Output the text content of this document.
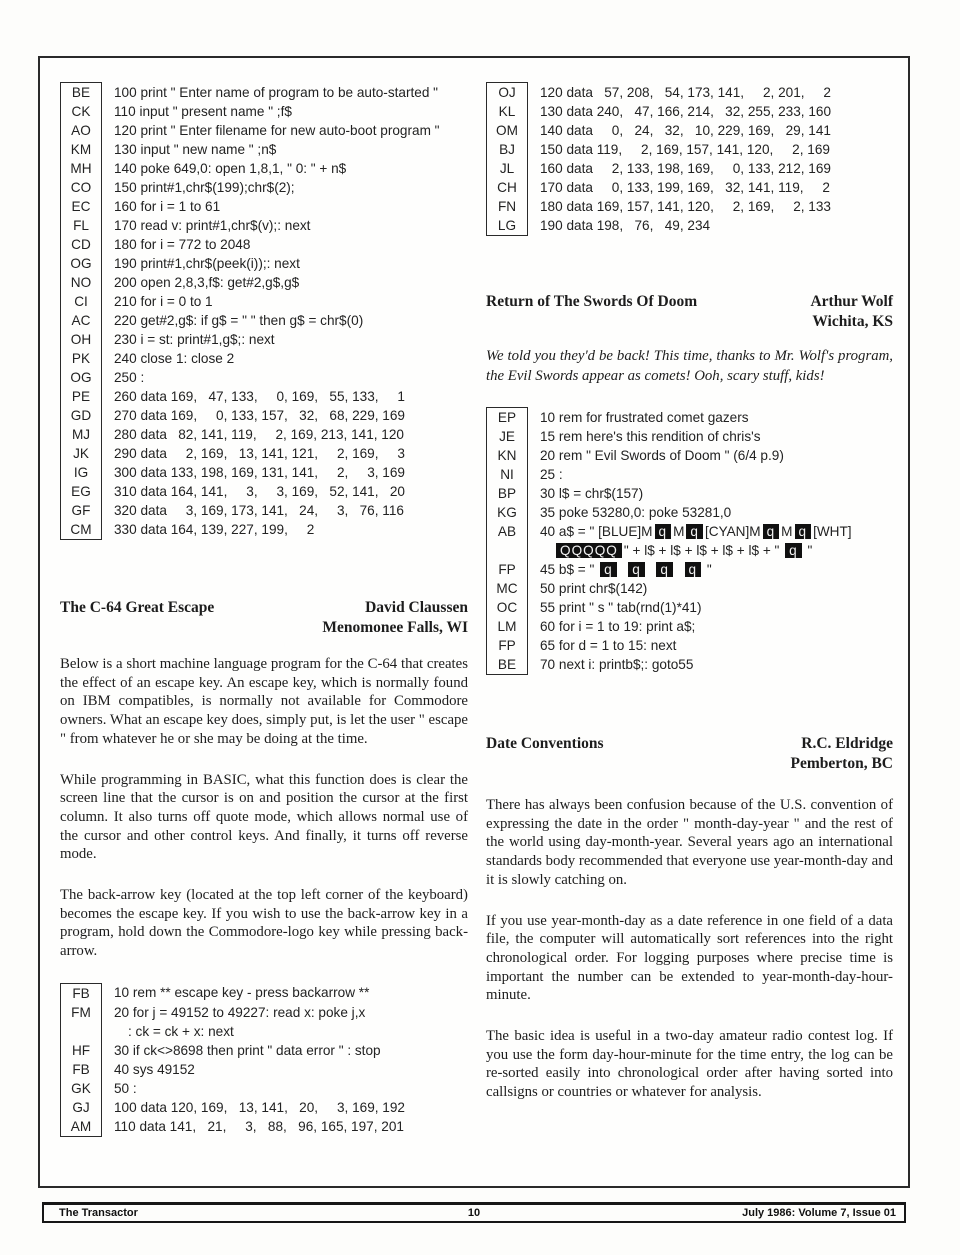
BE	100 print " Enter name of program to be auto-started "

CK	110 input " present name " ;f$

AO	120 print " Enter filename for new auto-boot program "

KM	130 input " new name " ;n$

MH	140 poke 649,0: open 1,8,1, " 0: " + n$

CO	150 print#1,chr$(199);chr$(2);

EC	160 for i = 1 to 61

FL	170 read v: print#1,chr$(v);: next

CD	180 for i = 772 to 2048

OG	190 print#1,chr$(peek(i));: next

NO	200 open 2,8,3,f$: get#2,g$,g$

CI	210 for i = 0 to 1

AC	220 get#2,g$: if g$ = " " then g$ = chr$(0)

OH	230 i = st: print#1,g$;: next

PK	240 close 1: close 2

OG	250 :

PE	260 data 169,   47, 133,     0, 169,   55, 133,     1

GD	270 data 169,     0, 133, 157,   32,   68, 229, 169

MJ	280 data   82, 141, 119,     2, 169, 213, 141, 120

JK	290 data     2, 169,   13, 141, 121,     2, 169,     3

IG	300 data 133, 198, 169, 131, 141,     2,     3, 169

EG	310 data 164, 141,     3,     3, 169,   52, 141,   20

GF	320 data     3, 169, 173, 141,   24,     3,   76, 116

CM	330 data 164, 139, 227, 199,     2
The C-64 Great Escape	David Claussen
Menomonee Falls, WI

Below is a short machine language program for the C-64 that creates the effect of an escape key. An escape key, which is normally found on IBM compatibles, is normally not available for Commodore owners. What an escape key does, simply put, is let the user " escape " from whatever he or she may be doing at the time.

While programming in BASIC, what this function does is clear the screen line that the cursor is on and position the cursor at the first column. It also turns off quote mode, which allows normal use of the cursor and other control keys. And finally, it turns off reverse mode.

The back-arrow key (located at the top left corner of the keyboard) becomes the escape key. If you wish to use the back-arrow key in a program, hold down the Commodore-logo key while pressing back-arrow.

FB	10 rem ** escape key - press backarrow **

FM	20 for j = 49152 to 49227: read x: poke j,x
: ck = ck + x: next

HF	30 if ck<>8698 then print " data error " : stop

FB	40 sys 49152

GK	50 :

GJ	100 data 120, 169,   13, 141,   20,     3, 169, 192

AM	110 data 141,   21,     3,   88,   96, 165, 197, 201
OJ	120 data   57, 208,   54, 173, 141,     2, 201,     2

KL	130 data 240,   47, 166, 214,   32, 255, 233, 160

OM	140 data     0,   24,   32,   10, 229, 169,   29, 141

BJ	150 data 119,     2, 169, 157, 141, 120,     2, 169

JL	160 data     2, 133, 198, 169,     0, 133, 212, 169

CH	170 data     0, 133, 199, 169,   32, 141, 119,     2

FN	180 data 169, 157, 141, 120,     2, 169,     2, 133

LG	190 data 198,   76,   49, 234
Return of The Swords Of Doom	Arthur Wolf
Wichita, KS

We told you they'd be back! This time, thanks to Mr. Wolf's program, the Evil Swords appear as comets! Ooh, scary stuff, kids!

EP	10 rem for frustrated comet gazers

JE	15 rem here's this rendition of chris's

KN	20 rem " Evil Swords of Doom " (6/4 p.9)

NI	25 :

BP	30 l$ = chr$(157)

KG	35 poke 53280,0: poke 53281,0

AB	40 a$ = " [BLUE]M q M q [CYAN]M q M q [WHT]
QQQQQ " + l$ + l$ + l$ + l$ + l$ + " q "

FP	45 b$ = " q q q q "

MC	50 print chr$(142)

OC	55 print " s " tab(rnd(1)*41)

LM	60 for i = 1 to 19: print a$;

FP	65 for d = 1 to 15: next

BE	70 next i: printb$;: goto55
Date Conventions	R.C. Eldridge
Pemberton, BC

There has always been confusion because of the U.S. convention of expressing the date in the order " month-day-year " and the rest of the world using day-month-year. Several years ago an international standards body recommended that everyone use year-month-day and it is slowly catching on.

If you use year-month-day as a date reference in one field of a data file, the computer will automatically sort references into the right chronological order. For logging purposes where precise time is important the number can be extended to year-month-day-hour-minute.

The basic idea is useful in a two-day amateur radio contest log. If you use the form day-hour-minute for the time entry, the log can be re-sorted easily into chronological order after having sorted into callsigns or countries or whatever for analysis.

The Transactor	10	July 1986: Volume 7, Issue 01
